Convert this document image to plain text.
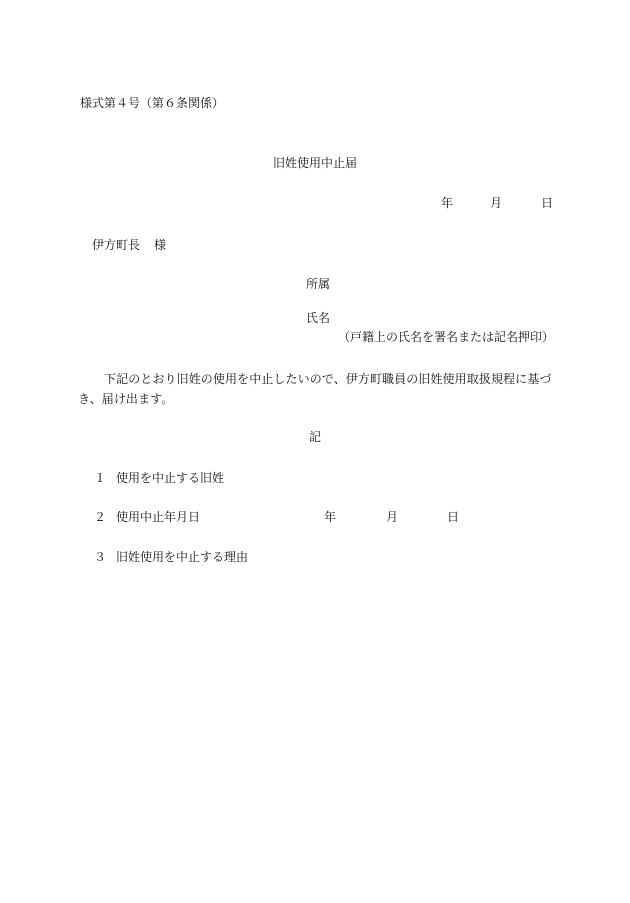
様式第４号（第６条関係）
旧姓使用中止届
年	月	日
伊方町長 様
所属
氏名
（戸籍上の氏名を署名または記名押印）
下記のとおり旧姓の使用を中止したいので、伊方町職員の旧姓使用取扱規程に基づき、届け出ます。
記
１ 使用を中止する旧姓
２ 使用中止年月日	年	月	日
３ 旧姓使用を中止する理由
